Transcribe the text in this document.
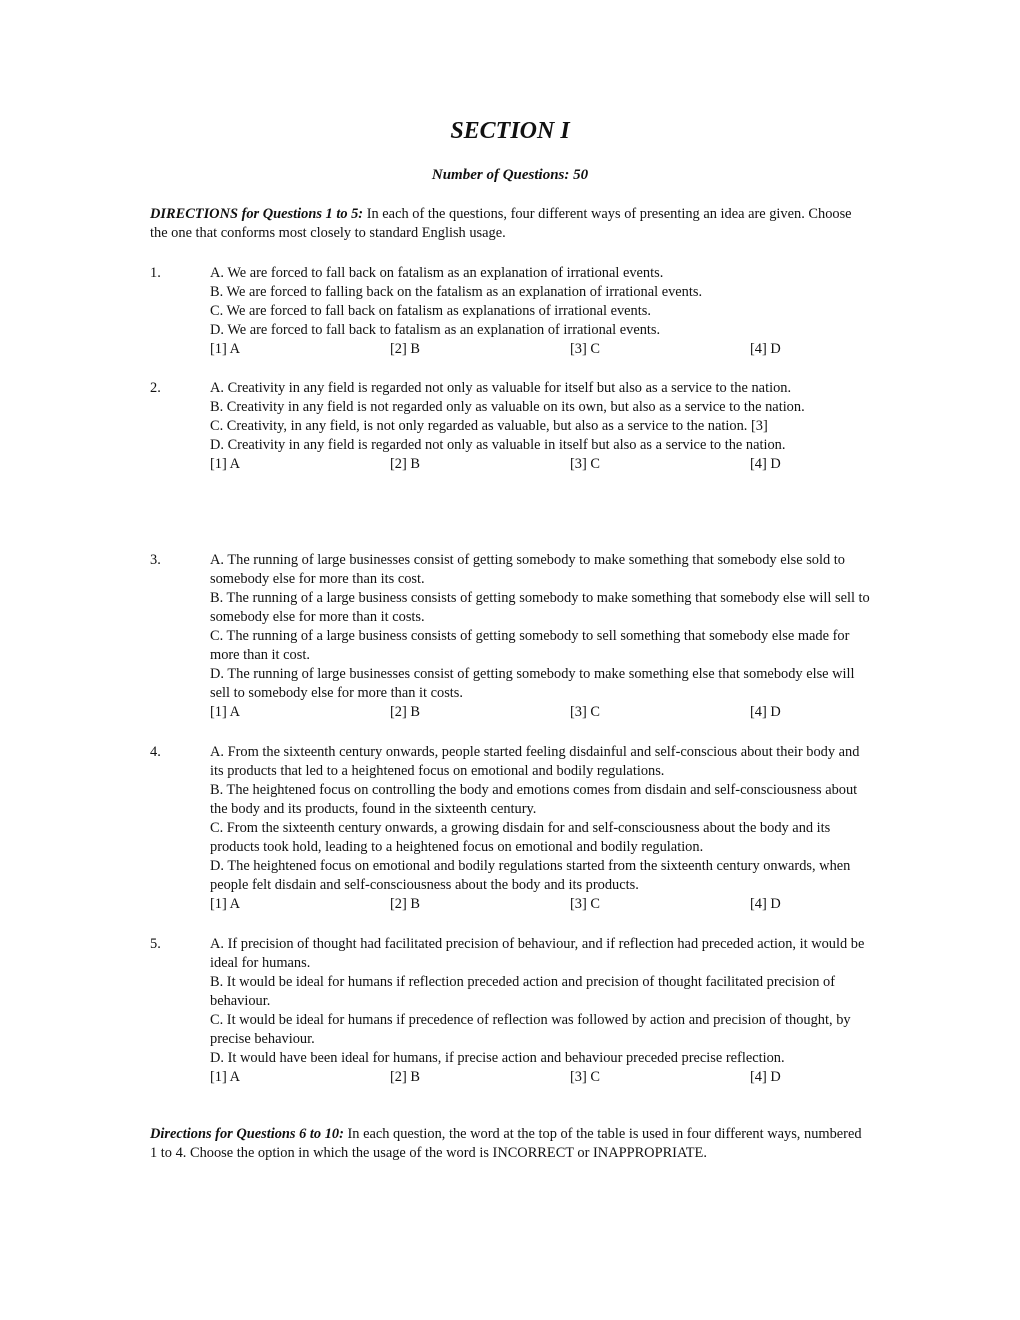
SECTION I
Number of Questions: 50
DIRECTIONS for Questions 1 to 5: In each of the questions, four different ways of presenting an idea are given. Choose the one that conforms most closely to standard English usage.
1.	A. We are forced to fall back on fatalism as an explanation of irrational events.

B. We are forced to falling back on the fatalism as an explanation of irrational events.

C. We are forced to fall back on fatalism as explanations of irrational events.

D. We are forced to fall back to fatalism as an explanation of irrational events.

[1] A	[2] B	[3] C	[4] D
2.	A. Creativity in any field is regarded not only as valuable for itself but also as a service to the nation.

B. Creativity in any field is not regarded only as valuable on its own, but also as a service to the nation.

C. Creativity, in any field, is not only regarded as valuable, but also as a service to the nation. [3]

D. Creativity in any field is regarded not only as valuable in itself but also as a service to the nation.

[1] A	[2] B	[3] C	[4] D
3.	A. The running of large businesses consist of getting somebody to make something that somebody else sold to somebody else for more than its cost.

B. The running of a large business consists of getting somebody to make something that somebody else will sell to somebody else for more than it costs.

C. The running of a large business consists of getting somebody to sell something that somebody else made for more than it cost.

D. The running of large businesses consist of getting somebody to make something else that somebody else will sell to somebody else for more than it costs.

[1] A	[2] B	[3] C	[4] D
4.	A. From the sixteenth century onwards, people started feeling disdainful and self-conscious about their body and its products that led to a heightened focus on emotional and bodily regulations.

B. The heightened focus on controlling the body and emotions comes from disdain and self-consciousness about the body and its products, found in the sixteenth century.

C. From the sixteenth century onwards, a growing disdain for and self-consciousness about the body and its products took hold, leading to a heightened focus on emotional and bodily regulation.

D. The heightened focus on emotional and bodily regulations started from the sixteenth century onwards, when people felt disdain and self-consciousness about the body and its products.

[1] A	[2] B	[3] C	[4] D
5.	A. If precision of thought had facilitated precision of behaviour, and if reflection had preceded action, it would be ideal for humans.

B. It would be ideal for humans if reflection preceded action and precision of thought facilitated precision of behaviour.

C. It would be ideal for humans if precedence of reflection was followed by action and precision of thought, by precise behaviour.

D. It would have been ideal for humans, if precise action and behaviour preceded precise reflection.

[1] A	[2] B	[3] C	[4] D
Directions for Questions 6 to 10: In each question, the word at the top of the table is used in four different ways, numbered 1 to 4. Choose the option in which the usage of the word is INCORRECT or INAPPROPRIATE.
